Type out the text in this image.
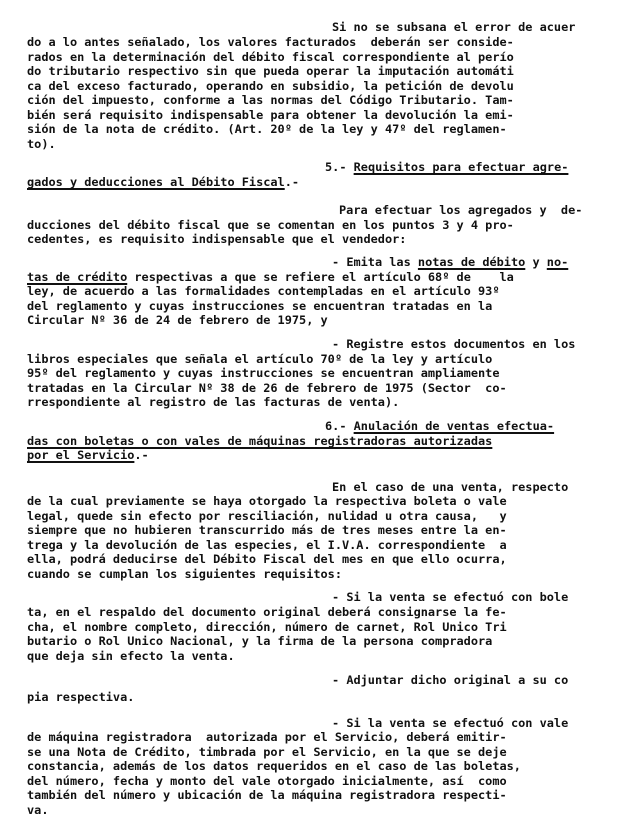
Si no se subsana el error de acuer
do a lo antes señalado, los valores facturados  deberán ser conside-
rados en la determinación del débito fiscal correspondiente al perío
do tributario respectivo sin que pueda operar la imputación automáti
ca del exceso facturado, operando en subsidio, la petición de devolu
ción del impuesto, conforme a las normas del Código Tributario. Tam-
bién será requisito indispensable para obtener la devolución la emi-
sión de la nota de crédito. (Art. 20º de la ley y 47º del reglamen-
to).
5.- Requisitos para efectuar agre-
gados y deducciones al Débito Fiscal.-
Para efectuar los agregados y  de-
ducciones del débito fiscal que se comentan en los puntos 3 y 4 pro-
cedentes, es requisito indispensable que el vendedor:
- Emita las notas de débito y no-
tas de crédito respectivas a que se refiere el artículo 68º de    la
ley, de acuerdo a las formalidades contempladas en el artículo 93º
del reglamento y cuyas instrucciones se encuentran tratadas en la
Circular Nº 36 de 24 de febrero de 1975, y
- Registre estos documentos en los
libros especiales que señala el artículo 70º de la ley y artículo
95º del reglamento y cuyas instrucciones se encuentran ampliamente
tratadas en la Circular Nº 38 de 26 de febrero de 1975 (Sector  co-
rrespondiente al registro de las facturas de venta).
6.- Anulación de ventas efectua-
das con boletas o con vales de máquinas registradoras autorizadas
por el Servicio.-
En el caso de una venta, respecto
de la cual previamente se haya otorgado la respectiva boleta o vale
legal, quede sin efecto por resciliación, nulidad u otra causa,   y
siempre que no hubieren transcurrido más de tres meses entre la en-
trega y la devolución de las especies, el I.V.A. correspondiente  a
ella, podrá deducirse del Débito Fiscal del mes en que ello ocurra,
cuando se cumplan los siguientes requisitos:
- Si la venta se efectuó con bole
ta, en el respaldo del documento original deberá consignarse la fe-
cha, el nombre completo, dirección, número de carnet, Rol Unico Tri
butario o Rol Unico Nacional, y la firma de la persona compradora
que deja sin efecto la venta.
- Adjuntar dicho original a su co
pia respectiva.
- Si la venta se efectuó con vale
de máquina registradora  autorizada por el Servicio, deberá emitir-
se una Nota de Crédito, timbrada por el Servicio, en la que se deje
constancia, además de los datos requeridos en el caso de las boletas,
del número, fecha y monto del vale otorgado inicialmente, así  como
también del número y ubicación de la máquina registradora respecti-
va.
